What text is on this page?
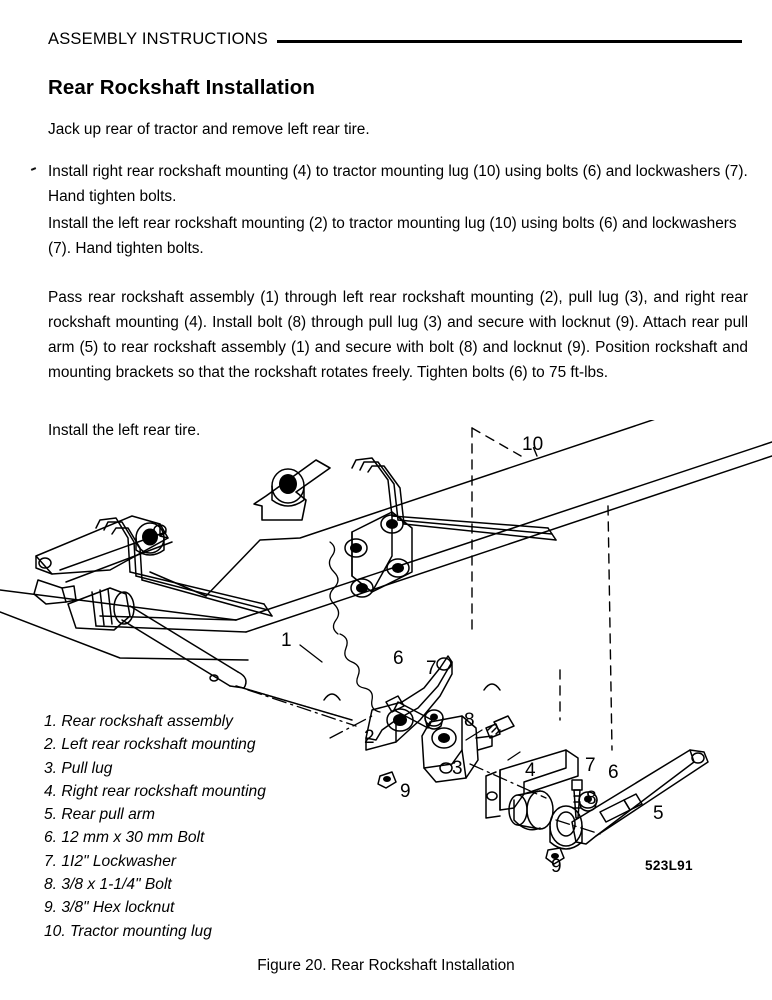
ASSEMBLY INSTRUCTIONS
Rear Rockshaft Installation
Jack up rear of tractor and remove left rear tire.
Install right rear rockshaft mounting (4) to tractor mounting lug (10) using bolts (6) and lockwashers (7). Hand tighten bolts.
Install the left rear rockshaft mounting (2) to tractor mounting lug (10) using bolts (6) and lockwashers (7). Hand tighten bolts.
Pass rear rockshaft assembly (1) through left rear rockshaft mounting (2), pull lug (3), and right rear rockshaft mounting (4). Install bolt (8) through pull lug (3) and secure with locknut (9). Attach rear pull arm (5) to rear rockshaft assembly (1) and secure with bolt (8) and locknut (9). Position rockshaft and mounting brackets so that the rockshaft rotates freely. Tighten bolts (6) to 75 ft-lbs.
Install the left rear tire.
10
1
6 7
8
2
3
9
4	7 6
8
5
9
1. Rear rockshaft assembly
2. Left rear rockshaft mounting
3. Pull lug
4. Right rear rockshaft mounting
5. Rear pull arm
6. 12 mm x 30 mm Bolt
7. 1I2" Lockwasher
8. 3/8 x 1-1/4" Bolt
9. 3/8" Hex locknut
10. Tractor mounting lug
523L91
Figure 20. Rear Rockshaft Installation
